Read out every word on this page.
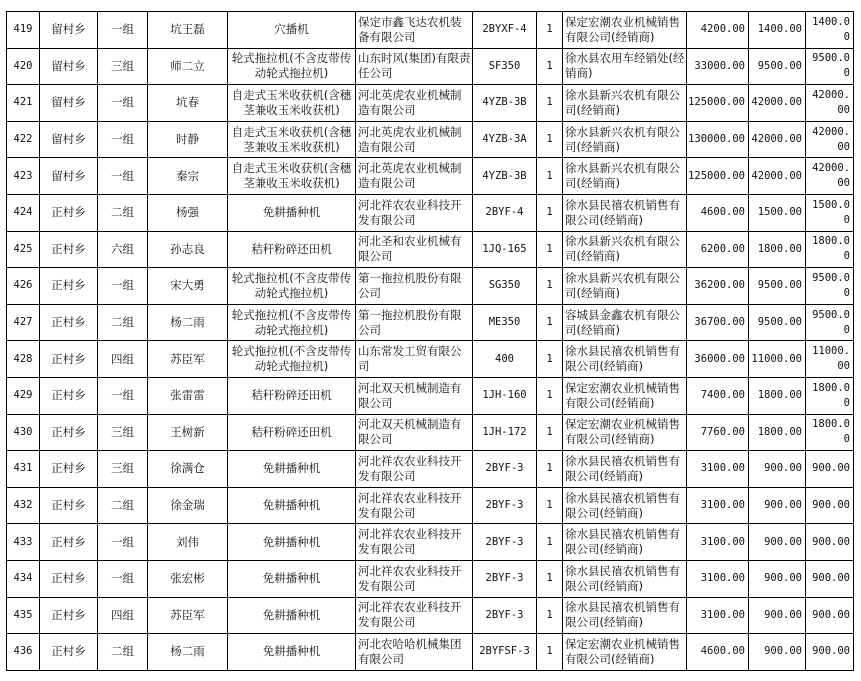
419	留村乡	一组	坑王磊	穴播机	保定市鑫飞达农机装备有限公司	2BYXF-4	1	保定宏潮农业机械销售有限公司(经销商)	4200.00	1400.00	1400.00
420	留村乡	三组	师二立	轮式拖拉机(不含皮带传动轮式拖拉机)	山东时风(集团)有限责任公司	SF350	1	徐水县农用车经销处(经销商)	33000.00	9500.00	9500.00
421	留村乡	一组	坑春	自走式玉米收获机(含穗茎兼收玉米收获机)	河北英虎农业机械制造有限公司	4YZB-3B	1	徐水县新兴农机有限公司(经销商)	125000.00	42000.00	42000.00
422	留村乡	一组	时静	自走式玉米收获机(含穗茎兼收玉米收获机)	河北英虎农业机械制造有限公司	4YZB-3A	1	徐水县新兴农机有限公司(经销商)	130000.00	42000.00	42000.00
423	留村乡	一组	秦宗	自走式玉米收获机(含穗茎兼收玉米收获机)	河北英虎农业机械制造有限公司	4YZB-3B	1	徐水县新兴农机有限公司(经销商)	125000.00	42000.00	42000.00
424	正村乡	二组	杨强	免耕播种机	河北祥农农业科技开发有限公司	2BYF-4	1	徐水县民禧农机销售有限公司(经销商)	4600.00	1500.00	1500.00
425	正村乡	六组	孙志良	秸秆粉碎还田机	河北圣和农业机械有限公司	1JQ-165	1	徐水县新兴农机有限公司(经销商)	6200.00	1800.00	1800.00
426	正村乡	一组	宋大勇	轮式拖拉机(不含皮带传动轮式拖拉机)	第一拖拉机股份有限公司	SG350	1	徐水县新兴农机有限公司(经销商)	36200.00	9500.00	9500.00
427	正村乡	二组	杨二雨	轮式拖拉机(不含皮带传动轮式拖拉机)	第一拖拉机股份有限公司	ME350	1	容城县金鑫农机有限公司(经销商)	36700.00	9500.00	9500.00
428	正村乡	四组	苏臣军	轮式拖拉机(不含皮带传动轮式拖拉机)	山东常发工贸有限公司	400	1	徐水县民禧农机销售有限公司(经销商)	36000.00	11000.00	11000.00
429	正村乡	一组	张雷雷	秸秆粉碎还田机	河北双天机械制造有限公司	1JH-160	1	保定宏潮农业机械销售有限公司(经销商)	7400.00	1800.00	1800.00
430	正村乡	三组	王树新	秸秆粉碎还田机	河北双天机械制造有限公司	1JH-172	1	保定宏潮农业机械销售有限公司(经销商)	7760.00	1800.00	1800.00
431	正村乡	三组	徐满仓	免耕播种机	河北祥农农业科技开发有限公司	2BYF-3	1	徐水县民禧农机销售有限公司(经销商)	3100.00	900.00	900.00
432	正村乡	二组	徐金瑞	免耕播种机	河北祥农农业科技开发有限公司	2BYF-3	1	徐水县民禧农机销售有限公司(经销商)	3100.00	900.00	900.00
433	正村乡	一组	刘伟	免耕播种机	河北祥农农业科技开发有限公司	2BYF-3	1	徐水县民禧农机销售有限公司(经销商)	3100.00	900.00	900.00
434	正村乡	一组	张宏彬	免耕播种机	河北祥农农业科技开发有限公司	2BYF-3	1	徐水县民禧农机销售有限公司(经销商)	3100.00	900.00	900.00
435	正村乡	四组	苏臣军	免耕播种机	河北祥农农业科技开发有限公司	2BYF-3	1	徐水县民禧农机销售有限公司(经销商)	3100.00	900.00	900.00
436	正村乡	二组	杨二雨	免耕播种机	河北农哈哈机械集团有限公司	2BYFSF-3	1	保定宏潮农业机械销售有限公司(经销商)	4600.00	900.00	900.00
